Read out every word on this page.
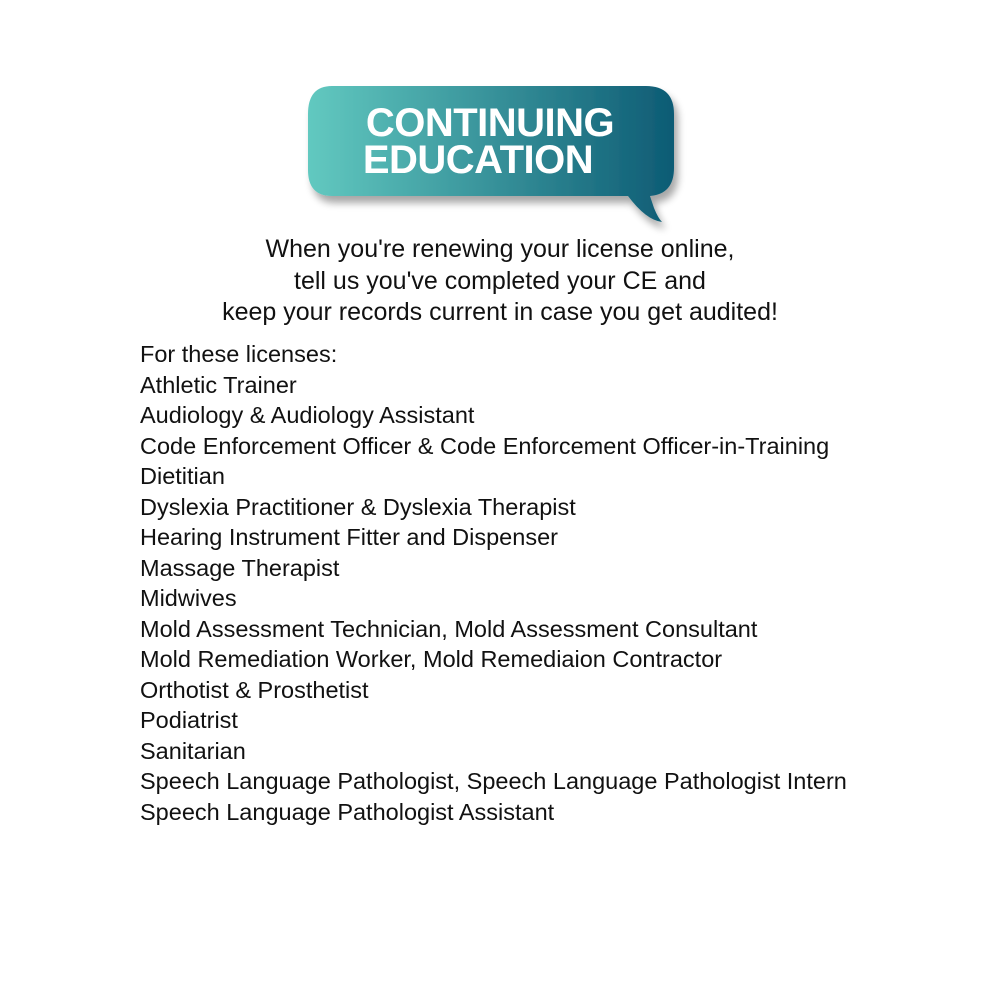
CONTINUING
EDUCATION
When you're renewing your license online,
tell us you've completed your CE and
keep your records current in case you get audited!
For these licenses:
Athletic Trainer
Audiology & Audiology Assistant
Code Enforcement Officer & Code Enforcement Officer-in-Training
Dietitian
Dyslexia Practitioner & Dyslexia Therapist
Hearing Instrument Fitter and Dispenser
Massage Therapist
Midwives
Mold Assessment Technician, Mold Assessment Consultant
Mold Remediation Worker, Mold Remediaion Contractor
Orthotist & Prosthetist
Podiatrist
Sanitarian
Speech Language Pathologist, Speech Language Pathologist Intern
Speech Language Pathologist Assistant
